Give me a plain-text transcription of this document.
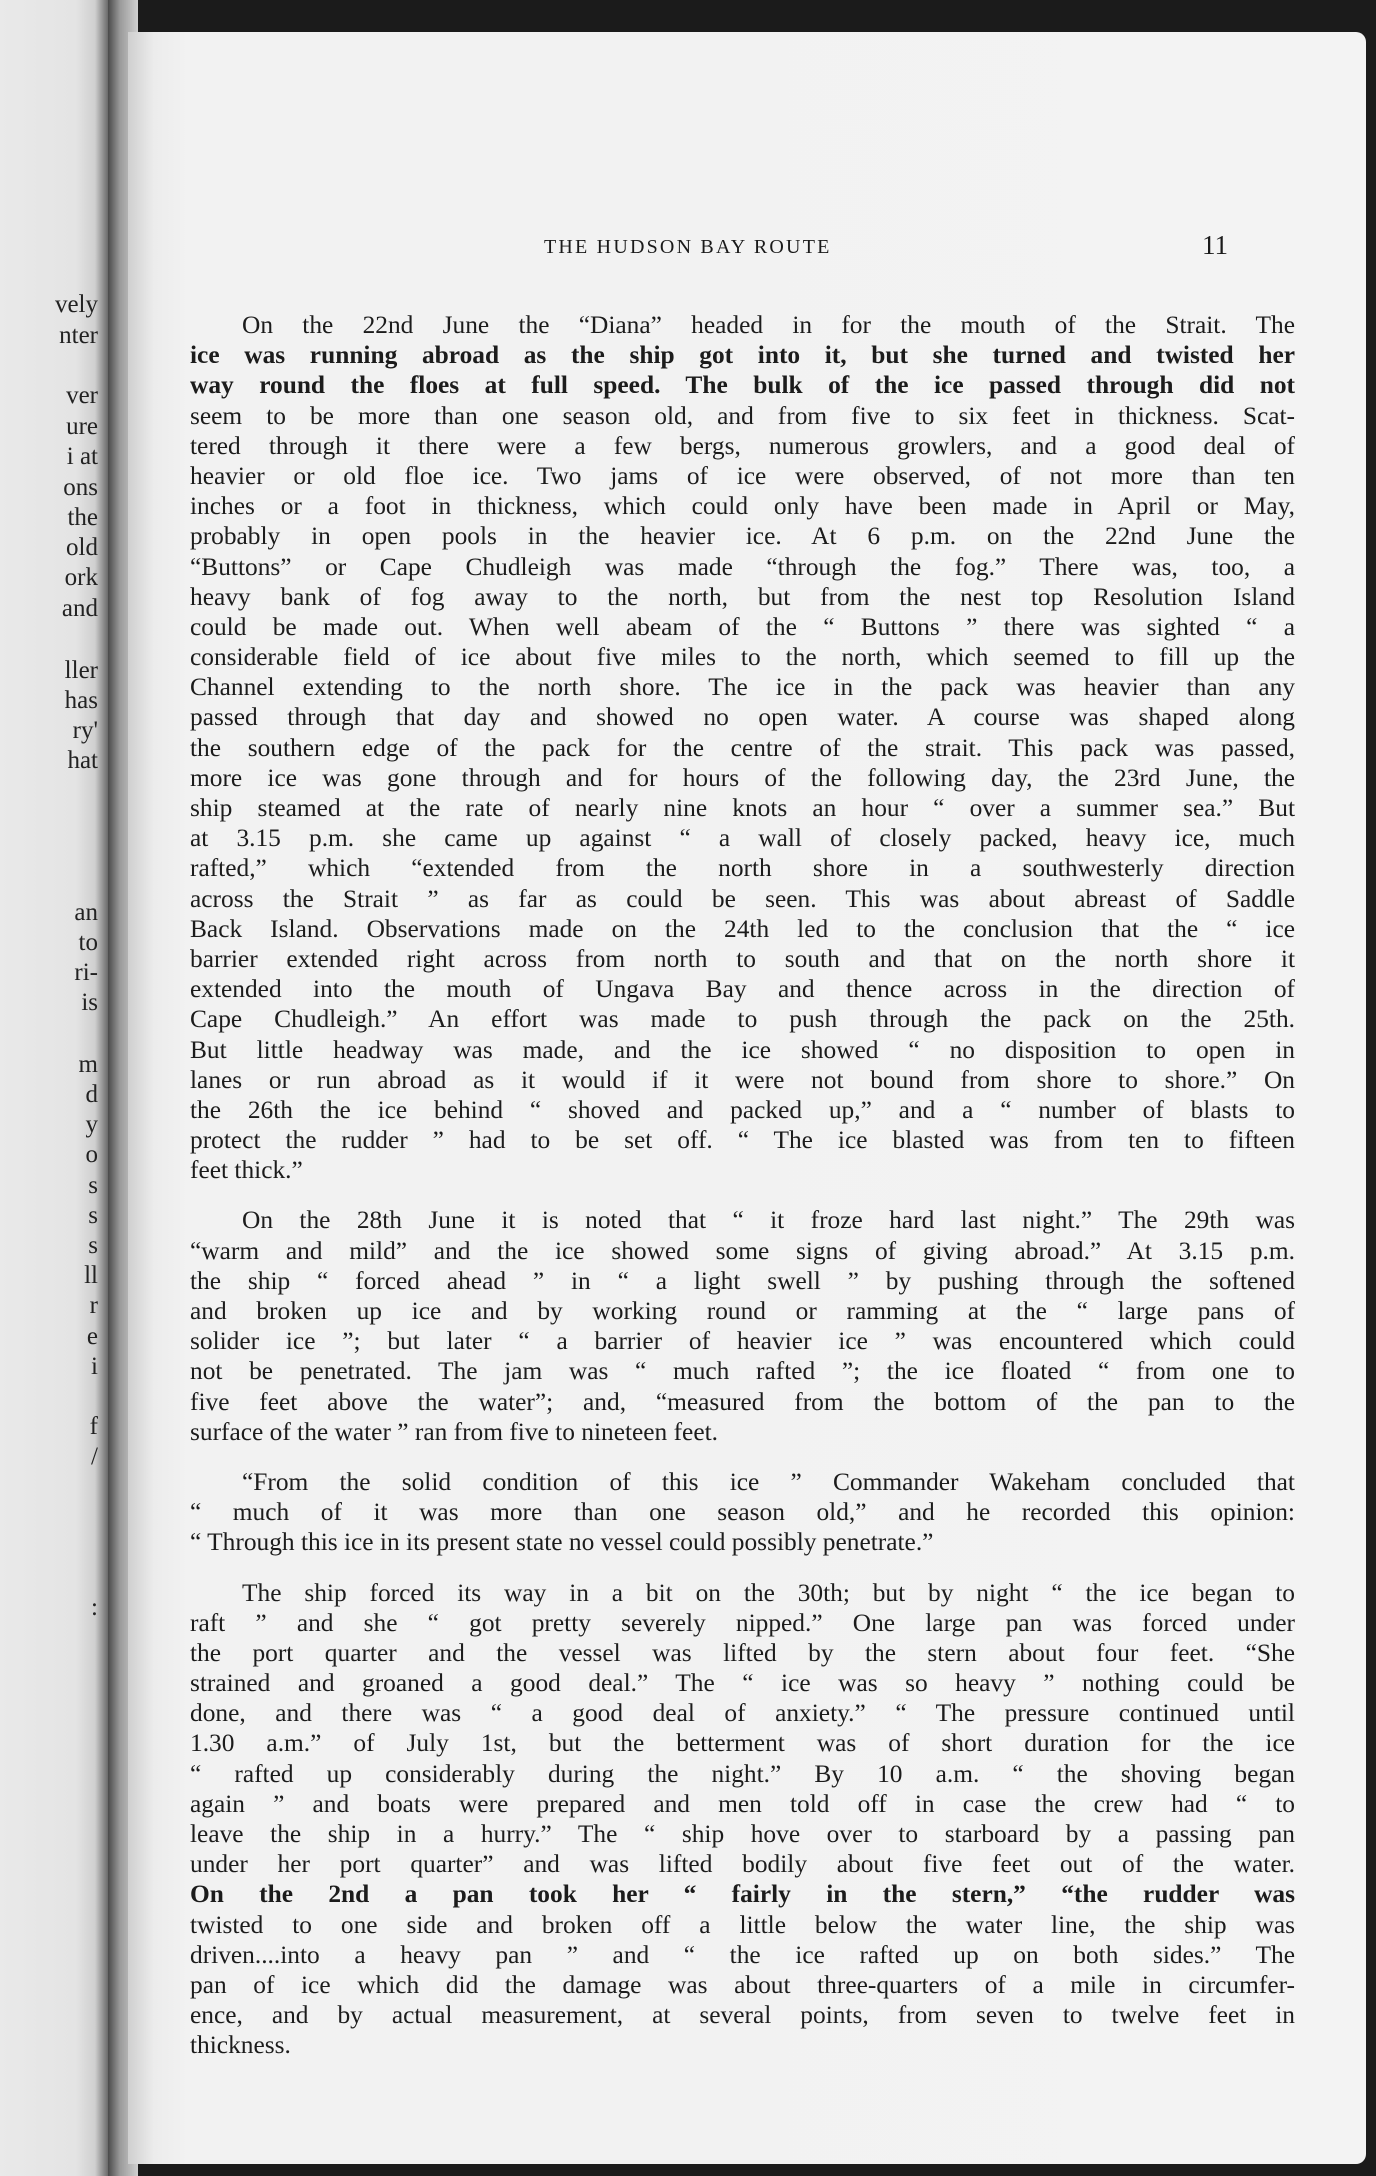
vely
nter
ver
ure
i at
ons
the
old
ork
and
ller
has
ry'
hat
an
to
ri-
is
m
d
y
o
s
s
s
ll
r
e
i
f
/
:
THE HUDSON BAY ROUTE	11
On the 22nd June the “Diana” headed in for the mouth of the Strait. The
ice was running abroad as the ship got into it, but she turned and twisted her
way round the floes at full speed. The bulk of the ice passed through did not
seem to be more than one season old, and from five to six feet in thickness. Scat-
tered through it there were a few bergs, numerous growlers, and a good deal of
heavier or old floe ice. Two jams of ice were observed, of not more than ten
inches or a foot in thickness, which could only have been made in April or May,
probably in open pools in the heavier ice. At 6 p.m. on the 22nd June the
“Buttons” or Cape Chudleigh was made “through the fog.” There was, too, a
heavy bank of fog away to the north, but from the nest top Resolution Island
could be made out. When well abeam of the “ Buttons ” there was sighted “ a
considerable field of ice about five miles to the north, which seemed to fill up the
Channel extending to the north shore. The ice in the pack was heavier than any
passed through that day and showed no open water. A course was shaped along
the southern edge of the pack for the centre of the strait. This pack was passed,
more ice was gone through and for hours of the following day, the 23rd June, the
ship steamed at the rate of nearly nine knots an hour “ over a summer sea.” But
at 3.15 p.m. she came up against “ a wall of closely packed, heavy ice, much
rafted,” which “extended from the north shore in a southwesterly direction
across the Strait ” as far as could be seen. This was about abreast of Saddle
Back Island. Observations made on the 24th led to the conclusion that the “ ice
barrier extended right across from north to south and that on the north shore it
extended into the mouth of Ungava Bay and thence across in the direction of
Cape Chudleigh.” An effort was made to push through the pack on the 25th.
But little headway was made, and the ice showed “ no disposition to open in
lanes or run abroad as it would if it were not bound from shore to shore.” On
the 26th the ice behind “ shoved and packed up,” and a “ number of blasts to
protect the rudder ” had to be set off. “ The ice blasted was from ten to fifteen
feet thick.”
On the 28th June it is noted that “ it froze hard last night.” The 29th was
“warm and mild” and the ice showed some signs of giving abroad.” At 3.15 p.m.
the ship “ forced ahead ” in “ a light swell ” by pushing through the softened
and broken up ice and by working round or ramming at the “ large pans of
solider ice ”; but later “ a barrier of heavier ice ” was encountered which could
not be penetrated. The jam was “ much rafted ”; the ice floated “ from one to
five feet above the water”; and, “measured from the bottom of the pan to the
surface of the water ” ran from five to nineteen feet.
“From the solid condition of this ice ” Commander Wakeham concluded that
“ much of it was more than one season old,” and he recorded this opinion:
“ Through this ice in its present state no vessel could possibly penetrate.”
The ship forced its way in a bit on the 30th; but by night “ the ice began to
raft ” and she “ got pretty severely nipped.” One large pan was forced under
the port quarter and the vessel was lifted by the stern about four feet. “She
strained and groaned a good deal.” The “ ice was so heavy ” nothing could be
done, and there was “ a good deal of anxiety.” “ The pressure continued until
1.30 a.m.” of July 1st, but the betterment was of short duration for the ice
“ rafted up considerably during the night.” By 10 a.m. “ the shoving began
again ” and boats were prepared and men told off in case the crew had “ to
leave the ship in a hurry.” The “ ship hove over to starboard by a passing pan
under her port quarter” and was lifted bodily about five feet out of the water.
On the 2nd a pan took her “ fairly in the stern,” “the rudder was
twisted to one side and broken off a little below the water line, the ship was
driven....into a heavy pan ” and “ the ice rafted up on both sides.” The
pan of ice which did the damage was about three-quarters of a mile in circumfer-
ence, and by actual measurement, at several points, from seven to twelve feet in
thickness.
